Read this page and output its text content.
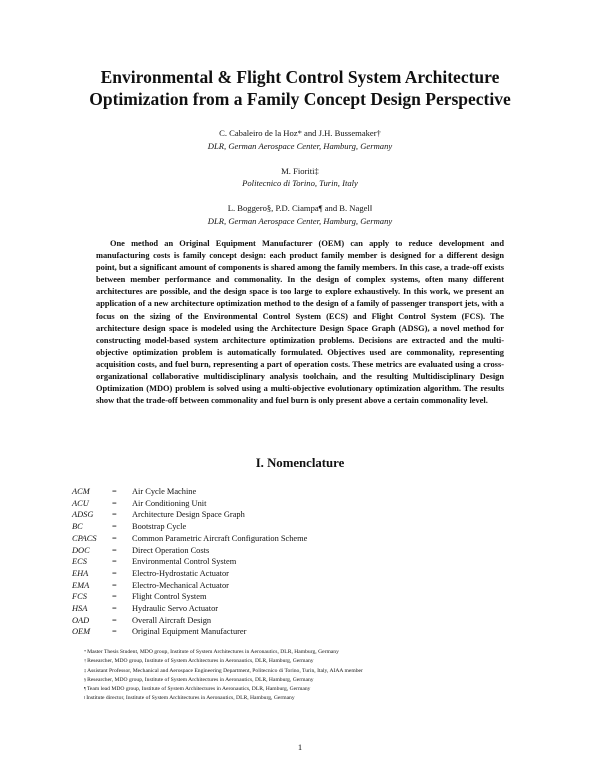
Environmental & Flight Control System Architecture
Optimization from a Family Concept Design Perspective
C. Cabaleiro de la Hoz* and J.H. Bussemaker†
DLR, German Aerospace Center, Hamburg, Germany
M. Fioriti‡
Politecnico di Torino, Turin, Italy
L. Boggero§, P.D. Ciampa¶ and B. Nagel‖
DLR, German Aerospace Center, Hamburg, Germany

One method an Original Equipment Manufacturer (OEM) can apply to reduce development and manufacturing costs is family concept design: each product family member is designed for a different design point, but a significant amount of components is shared among the family members. In this case, a trade-off exists between member performance and commonality. In the design of complex systems, often many different architectures are possible, and the design space is too large to explore exhaustively. In this work, we present an application of a new architecture optimization method to the design of a family of passenger transport jets, with a focus on the sizing of the Environmental Control System (ECS) and Flight Control System (FCS). The architecture design space is modeled using the Architecture Design Space Graph (ADSG), a novel method for constructing model-based system architecture optimization problems. Decisions are extracted and the multi-objective optimization problem is automatically formulated. Objectives used are commonality, representing acquisition costs, and fuel burn, representing a part of operation costs. These metrics are evaluated using a cross-organizational collaborative multidisciplinary analysis toolchain, and the resulting Multidisciplinary Design Optimization (MDO) problem is solved using a multi-objective evolutionary optimization algorithm. The results show that the trade-off between commonality and fuel burn is only present above a certain commonality level.

I. Nomenclature
ACM	=	Air Cycle Machine
ACU	=	Air Conditioning Unit
ADSG	=	Architecture Design Space Graph
BC	=	Bootstrap Cycle
CPACS	=	Common Parametric Aircraft Configuration Scheme
DOC	=	Direct Operation Costs
ECS	=	Environmental Control System
EHA	=	Electro-Hydrostatic Actuator
EMA	=	Electro-Mechanical Actuator
FCS	=	Flight Control System
HSA	=	Hydraulic Servo Actuator
OAD	=	Overall Aircraft Design
OEM	=	Original Equipment Manufacturer
*Master Thesis Student, MDO group, Institute of System Architectures in Aeronautics, DLR, Hamburg, Germany
†Researcher, MDO group, Institute of System Architectures in Aeronautics, DLR, Hamburg, Germany
‡Assistant Professor, Mechanical and Aerospace Engineering Department, Politecnico di Torino, Turin, Italy, AIAA member
§Researcher, MDO group, Institute of System Architectures in Aeronautics, DLR, Hamburg, Germany
¶Team lead MDO group, Institute of System Architectures in Aeronautics, DLR, Hamburg, Germany
‖Institute director, Institute of System Architectures in Aeronautics, DLR, Hamburg, Germany
1
